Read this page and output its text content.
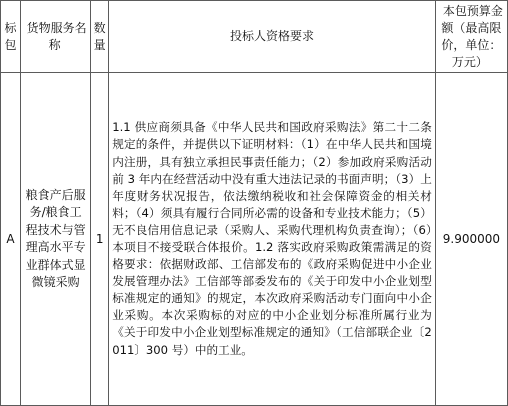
标包	货物服务名称	数量	投标人资格要求	本包预算金额（最高限价，单位：万元）
A	粮食产后服务/粮食工程技术与管理高水平专业群体式显微镜采购	1	1.1 供应商须具备《中华人民共和国政府采购法》第二十二条规定的条件，并提供以下证明材料：（1）在中华人民共和国境内注册，具有独立承担民事责任能力；（2）参加政府采购活动前 3 年内在经营活动中没有重大违法记录的书面声明；（3）上年度财务状况报告，依法缴纳税收和社会保障资金的相关材料；（4）须具有履行合同所必需的设备和专业技术能力；（5）无不良信用信息记录（采购人、采购代理机构负责查询）；（6）本项目不接受联合体报价。1.2 落实政府采购政策需满足的资格要求：依据财政部、工信部发布的《政府采购促进中小企业发展管理办法》工信部等部委发布的《关于印发中小企业划型标准规定的通知》的规定，本次政府采购活动专门面向中小企业采购。本次采购标的对应的中小企业划分标准所属行业为《关于印发中小企业划型标准规定的通知》（工信部联企业〔2011〕300 号）中的工业。	9.900000
